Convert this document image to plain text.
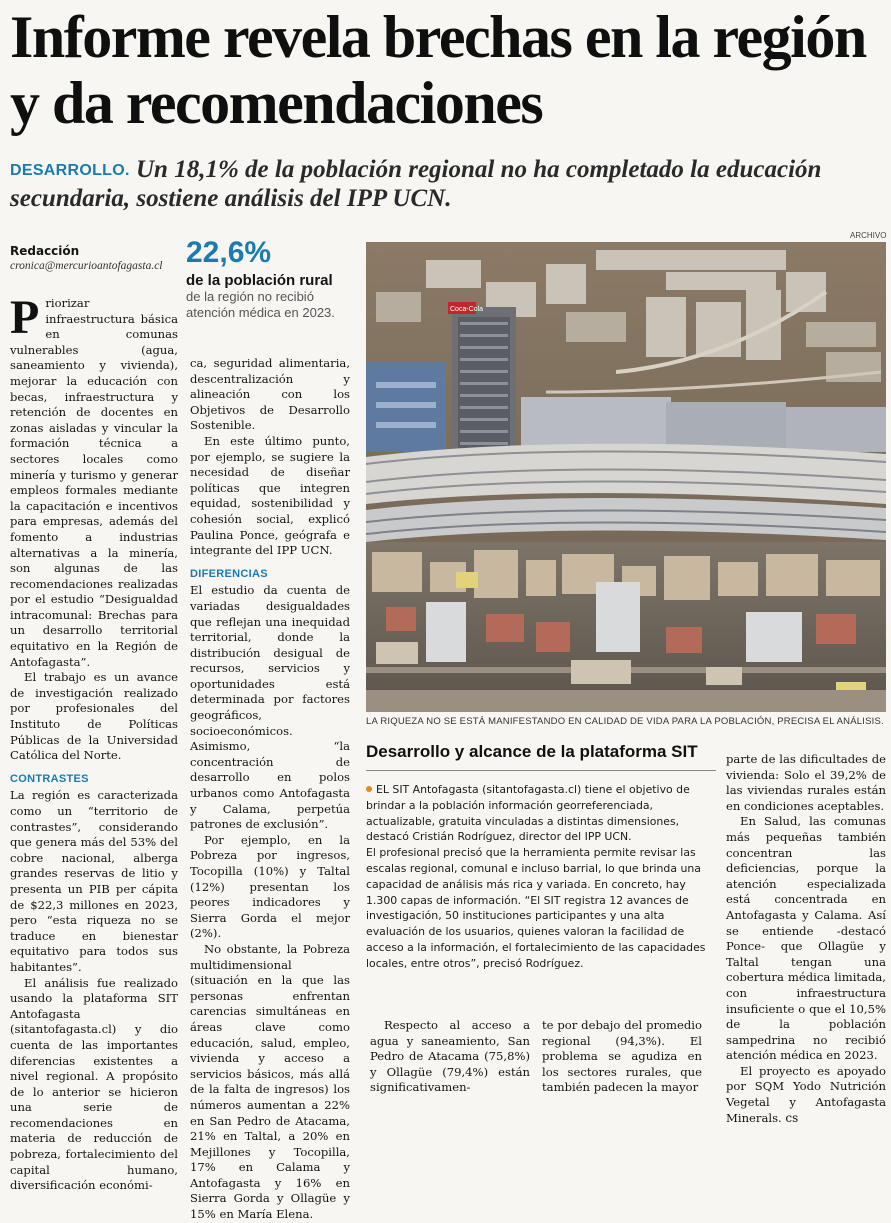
Informe revela brechas en la región y da recomendaciones
DESARROLLO. Un 18,1% de la población regional no ha completado la educación secundaria, sostiene análisis del IPP UCN.
Redacción
cronica@mercurioantofagasta.cl 22,6%
de la población rural
de la región no recibió atención médica en 2023.

Priorizar infraestructura básica en comunas vulnerables (agua, saneamiento y vivienda), mejorar la educación con becas, infraestructura y retención de docentes en zonas aisladas y vincular la formación técnica a sectores locales como minería y turismo y generar empleos formales mediante la capacitación e incentivos para empresas, además del fomento a industrias alternativas a la minería, son algunas de las recomendaciones realizadas por el estudio “Desigualdad intracomunal: Brechas para un desarrollo territorial equitativo en la Región de Antofagasta”.

El trabajo es un avance de investigación realizado por profesionales del Instituto de Políticas Públicas de la Universidad Católica del Norte.

CONTRASTES

La región es caracterizada como un “territorio de contrastes”, considerando que genera más del 53% del cobre nacional, alberga grandes reservas de litio y presenta un PIB per cápita de $22,3 millones en 2023, pero “esta riqueza no se traduce en bienestar equitativo para todos sus habitantes”.

El análisis fue realizado usando la plataforma SIT Antofagasta (sitantofagasta.cl) y dio cuenta de las importantes diferencias existentes a nivel regional. A propósito de lo anterior se hicieron una serie de recomendaciones en materia de reducción de pobreza, fortalecimiento del capital humano, diversificación económi-

ca, seguridad alimentaria, descentralización y alineación con los Objetivos de Desarrollo Sostenible.

En este último punto, por ejemplo, se sugiere la necesidad de diseñar políticas que integren equidad, sostenibilidad y cohesión social, explicó Paulina Ponce, geógrafa e integrante del IPP UCN.

DIFERENCIAS

El estudio da cuenta de variadas desigualdades que reflejan una inequidad territorial, donde la distribución desigual de recursos, servicios y oportunidades está determinada por factores geográficos, socioeconómicos. Asimismo, “la concentración de desarrollo en polos urbanos como Antofagasta y Calama, perpetúa patrones de exclusión”.

Por ejemplo, en la Pobreza por ingresos, Tocopilla (10%) y Taltal (12%) presentan los peores indicadores y Sierra Gorda el mejor (2%).

No obstante, la Pobreza multidimensional (situación en la que las personas enfrentan carencias simultáneas en áreas clave como educación, salud, empleo, vivienda y acceso a servicios básicos, más allá de la falta de ingresos) los números aumentan a 22% en San Pedro de Atacama, 21% en Taltal, a 20% en Mejillones y Tocopilla, 17% en Calama y Antofagasta y 16% en Sierra Gorda y Ollagüe y 15% en María Elena.

ARCHIVO
Coca-Cola
LA RIQUEZA NO SE ESTÁ MANIFESTANDO EN CALIDAD DE VIDA PARA LA POBLACIÓN, PRECISA EL ANÁLISIS.
Desarrollo y alcance de la plataforma SIT

EL SIT Antofagasta (sitantofagasta.cl) tiene el objetivo de brindar a la población información georreferenciada, actualizable, gratuita vinculadas a distintas dimensiones, destacó Cristián Rodríguez, director del IPP UCN.

El profesional precisó que la herramienta permite revisar las escalas regional, comunal e incluso barrial, lo que brinda una capacidad de análisis más rica y variada. En concreto, hay 1.300 capas de información. “El SIT registra 12 avances de investigación, 50 instituciones participantes y una alta evaluación de los usuarios, quienes valoran la facilidad de acceso a la información, el fortalecimiento de las capacidades locales, entre otros”, precisó Rodríguez.

Respecto al acceso a agua y saneamiento, San Pedro de Atacama (75,8%) y Ollagüe (79,4%) están significativamen-

te por debajo del promedio regional (94,3%). El problema se agudiza en los sectores rurales, que también padecen la mayor

parte de las dificultades de vivienda: Solo el 39,2% de las viviendas rurales están en condiciones aceptables.

En Salud, las comunas más pequeñas también concentran las deficiencias, porque la atención especializada está concentrada en Antofagasta y Calama. Así se entiende -destacó Ponce- que Ollagüe y Taltal tengan una cobertura médica limitada, con infraestructura insuficiente o que el 10,5% de la población sampedrina no recibió atención médica en 2023.

El proyecto es apoyado por SQM Yodo Nutrición Vegetal y Antofagasta Minerals. cs
